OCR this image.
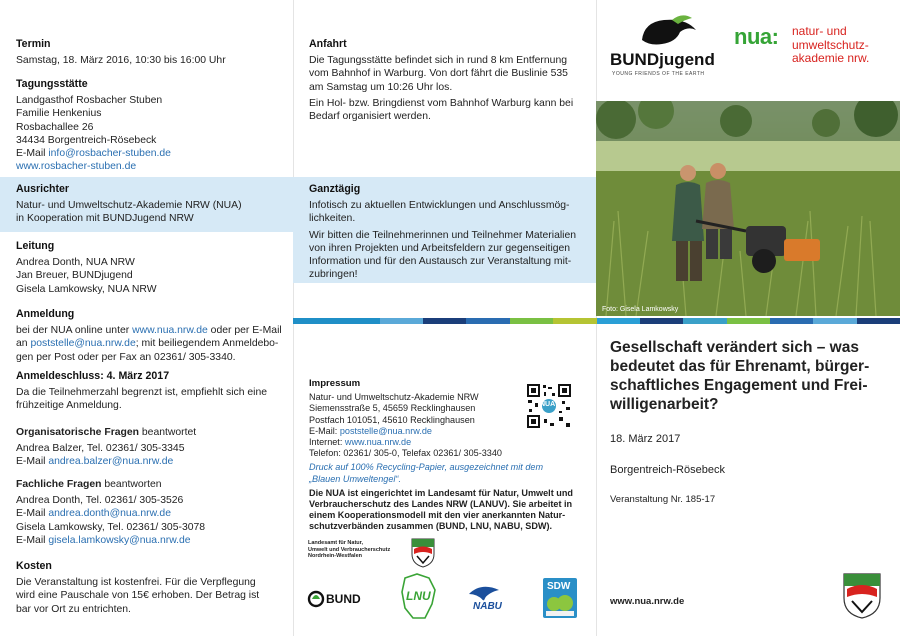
Termin
Samstag, 18. März 2016, 10:30 bis 16:00 Uhr
Tagungsstätte
Landgasthof Rosbacher Stuben
Familie Henkenius
Rosbachallee 26
34434 Borgentreich-Rösebeck
E-Mail info@rosbacher-stuben.de
www.rosbacher-stuben.de
Ausrichter
Natur- und Umweltschutz-Akademie NRW (NUA)
in Kooperation mit BUNDJugend NRW
Leitung
Andrea Donth, NUA NRW
Jan Breuer, BUNDjugend
Gisela Lamkowsky, NUA NRW
Anmeldung
bei der NUA online unter www.nua.nrw.de oder per E-Mail
an poststelle@nua.nrw.de; mit beiliegendem Anmeldebo-
gen per Post oder per Fax an 02361/ 305-3340.
Anmeldeschluss: 4. März 2017
Da die Teilnehmerzahl begrenzt ist, empfiehlt sich eine
frühzeitige Anmeldung.
Organisatorische Fragen beantwortet
Andrea Balzer, Tel. 02361/ 305-3345
E-Mail andrea.balzer@nua.nrw.de
Fachliche Fragen beantworten
Andrea Donth, Tel. 02361/ 305-3526
E-Mail andrea.donth@nua.nrw.de
Gisela Lamkowsky, Tel. 02361/ 305-3078
E-Mail gisela.lamkowsky@nua.nrw.de
Kosten
Die Veranstaltung ist kostenfrei. Für die Verpflegung
wird eine Pauschale von 15€ erhoben. Der Betrag ist
bar vor Ort zu entrichten.
Anfahrt
Die Tagungsstätte befindet sich in rund 8 km Entfernung
vom Bahnhof in Warburg. Von dort fährt die Buslinie 535
am Samstag um 10:26 Uhr los.
Ein Hol- bzw. Bringdienst vom Bahnhof Warburg kann bei
Bedarf organisiert werden.
Ganztägig
Infotisch zu aktuellen Entwicklungen und Anschlussmög-
lichkeiten.
Wir bitten die Teilnehmerinnen und Teilnehmer Materialien
von ihren Projekten und Arbeitsfeldern zur gegenseitigen
Information und für den Austausch zur Veranstaltung mit-
zubringen!
Impressum
Natur- und Umweltschutz-Akademie NRW
Siemensstraße 5, 45659 Recklinghausen
Postfach 101051, 45610 Recklinghausen
E-Mail: poststelle@nua.nrw.de
Internet: www.nua.nrw.de
Telefon: 02361/ 305-0, Telefax 02361/ 305-3340
Druck auf 100% Recycling-Papier, ausgezeichnet mit dem
„Blauen Umweltengel“.
Die NUA ist eingerichtet im Landesamt für Natur, Umwelt und
Verbraucherschutz des Landes NRW (LANUV). Sie arbeitet in
einem Kooperationsmodell mit den vier anerkannten Natur-
schutzverbänden zusammen (BUND, LNU, NABU, SDW).
NUA
Landesamt für Natur,
Umwelt und Verbraucherschutz
Nordrhein-Westfalen
BUND	LNU
NABU
SDW
BUNDjugend
YOUNG FRIENDS OF THE EARTH
nua: natur- und
umweltschutz-
akademie nrw.
Foto: Gisela Lamkowsky
Gesellschaft verändert sich – was
bedeutet das für Ehrenamt, bürger-
schaftliches Engagement und Frei-
willigenarbeit?
18. März 2017
Borgentreich-Rösebeck
Veranstaltung Nr. 185-17
www.nua.nrw.de
